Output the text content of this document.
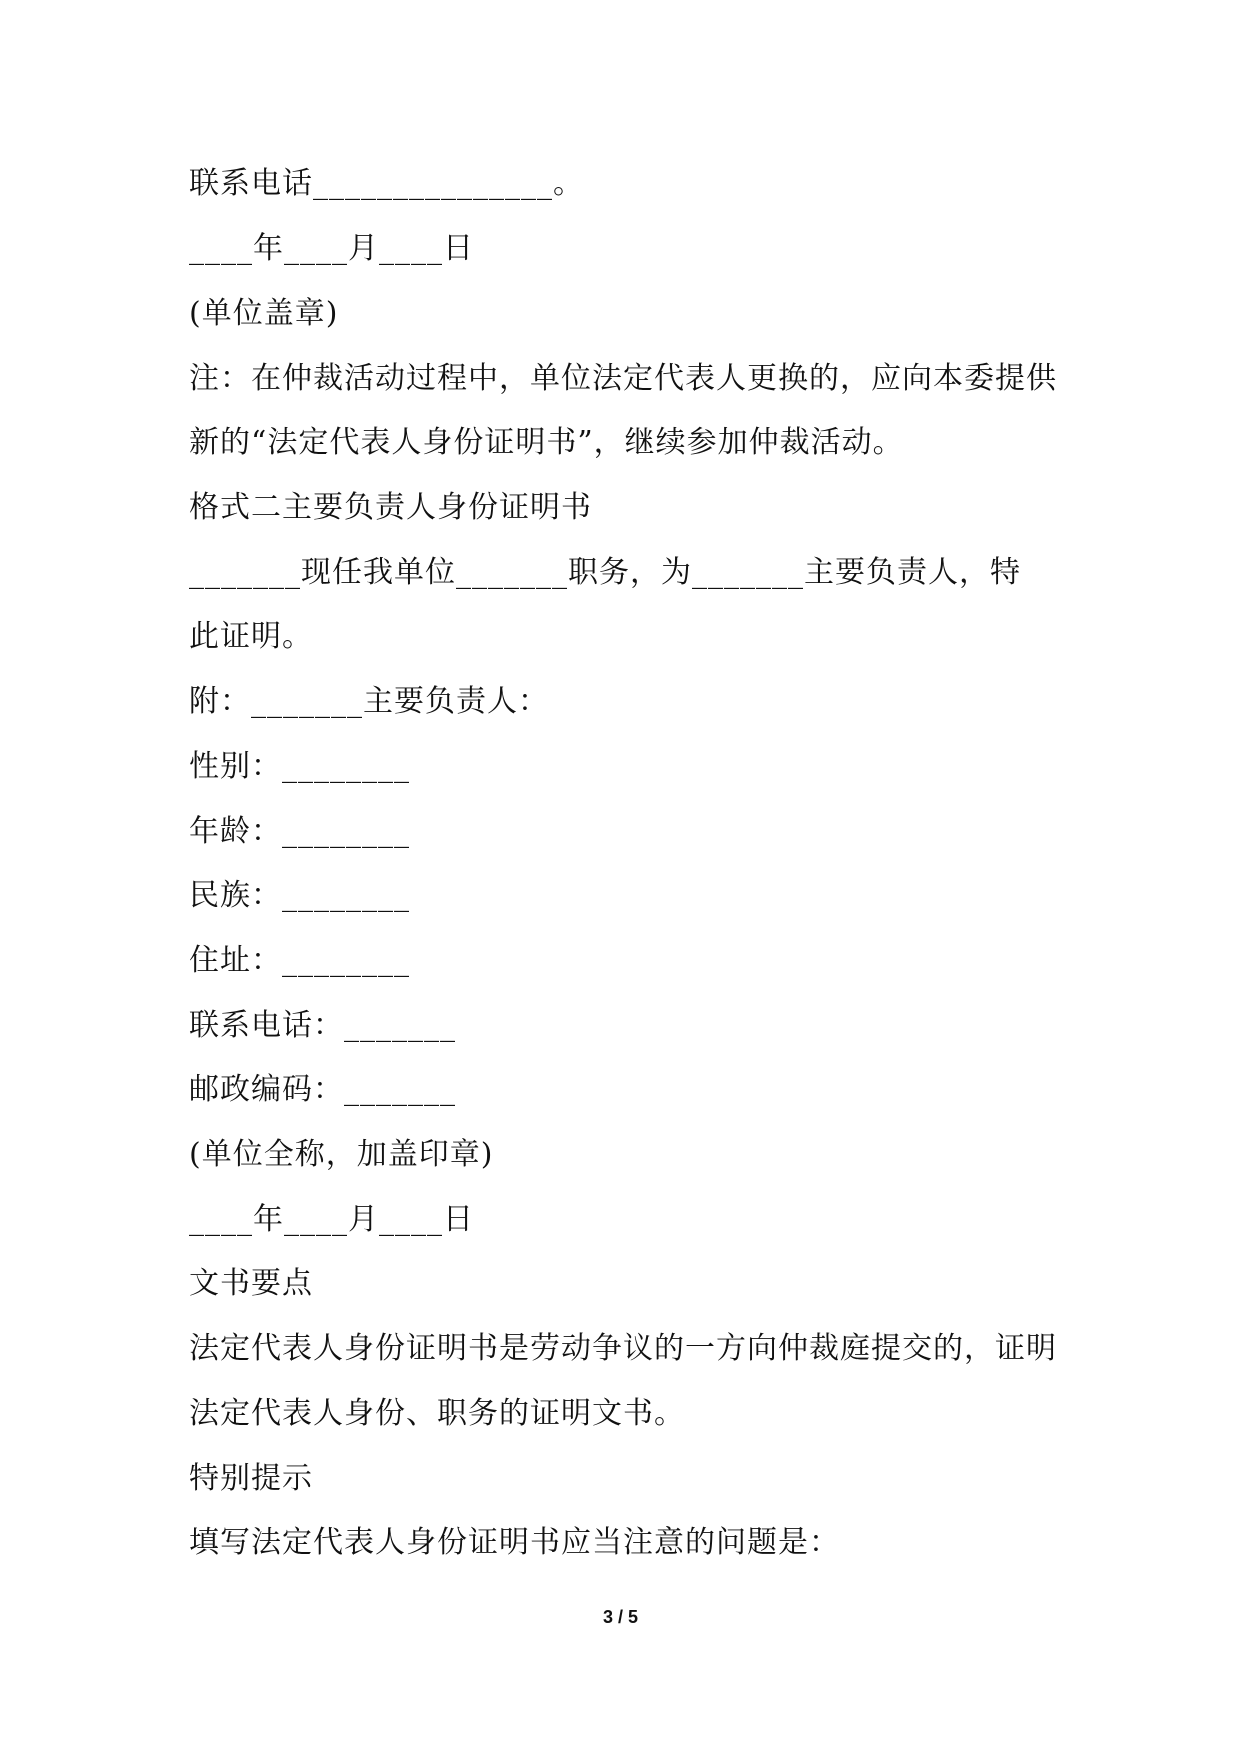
联系电话_______________。

____年____月____日

(单位盖章)

注：在仲裁活动过程中，单位法定代表人更换的，应向本委提供

新的“法定代表人身份证明书”，继续参加仲裁活动。

格式二主要负责人身份证明书

_______现任我单位_______职务，为_______主要负责人，特

此证明。

附：_______主要负责人：

性别：________

年龄：________

民族：________

住址：________

联系电话：_______

邮政编码：_______

(单位全称，加盖印章)

____年____月____日

文书要点

法定代表人身份证明书是劳动争议的一方向仲裁庭提交的，证明

法定代表人身份、职务的证明文书。

特别提示

填写法定代表人身份证明书应当注意的问题是：

3 / 5
